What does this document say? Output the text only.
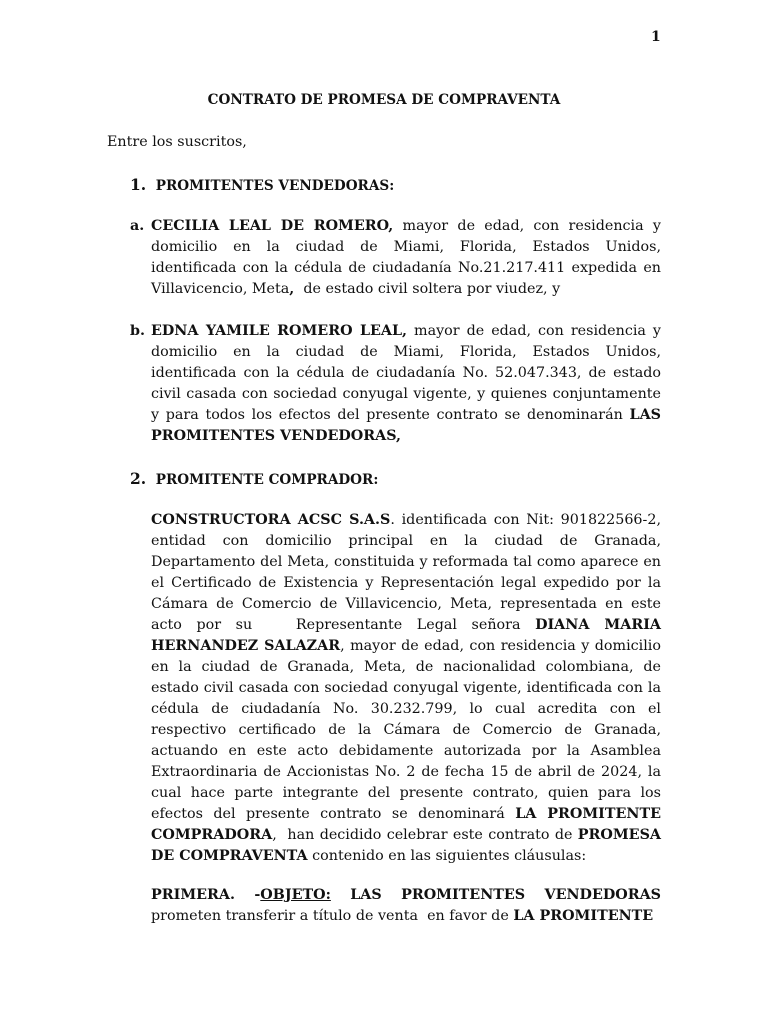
1
CONTRATO DE PROMESA DE COMPRAVENTA
Entre los suscritos,
1. PROMITENTES VENDEDORAS:
a. CECILIA LEAL DE ROMERO, mayor de edad, con residencia y
domicilio en la ciudad de Miami, Florida, Estados Unidos,
identificada con la cédula de ciudadanía No.21.217.411 expedida en
Villavicencio, Meta,  de estado civil soltera por viudez, y
b. EDNA YAMILE ROMERO LEAL, mayor de edad, con residencia y
domicilio en la ciudad de Miami, Florida, Estados Unidos,
identificada con la cédula de ciudadanía No. 52.047.343, de estado
civil casada con sociedad conyugal vigente, y quienes conjuntamente
y para todos los efectos del presente contrato se denominarán LAS
PROMITENTES VENDEDORAS,
2. PROMITENTE COMPRADOR:
CONSTRUCTORA ACSC S.A.S. identificada con Nit: 901822566-2,
entidad con domicilio principal en la ciudad de Granada,
Departamento del Meta, constituida y reformada tal como aparece en
el Certificado de Existencia y Representación legal expedido por la
Cámara de Comercio de Villavicencio, Meta, representada en este
acto por su   Representante Legal señora DIANA MARIA
HERNANDEZ SALAZAR, mayor de edad, con residencia y domicilio
en la ciudad de Granada, Meta, de nacionalidad colombiana, de
estado civil casada con sociedad conyugal vigente, identificada con la
cédula de ciudadanía No. 30.232.799, lo cual acredita con el
respectivo certificado de la Cámara de Comercio de Granada,
actuando en este acto debidamente autorizada por la Asamblea
Extraordinaria de Accionistas No. 2 de fecha 15 de abril de 2024, la
cual hace parte integrante del presente contrato, quien para los
efectos del presente contrato se denominará LA PROMITENTE
COMPRADORA,  han decidido celebrar este contrato de PROMESA
DE COMPRAVENTA contenido en las siguientes cláusulas:
PRIMERA. -OBJETO: LAS PROMITENTES VENDEDORAS
prometen transferir a título de venta  en favor de LA PROMITENTE
